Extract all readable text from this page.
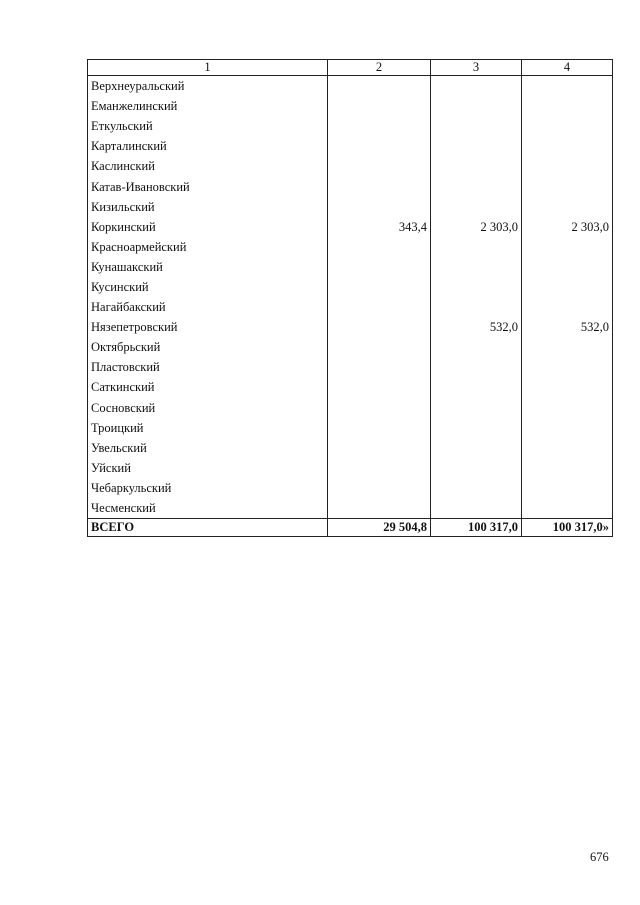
1	2	3	4
Верхнеуральский			
Еманжелинский			
Еткульский			
Карталинский			
Каслинский			
Катав-Ивановский			
Кизильский			
Коркинский	343,4	2 303,0	2 303,0
Красноармейский			
Кунашакский			
Кусинский			
Нагайбакский			
Нязепетровский		532,0	532,0
Октябрьский			
Пластовский			
Саткинский			
Сосновский			
Троицкий			
Увельский			
Уйский			
Чебаркульский			
Чесменский			
ВСЕГО	29 504,8	100 317,0	100 317,0»
676
